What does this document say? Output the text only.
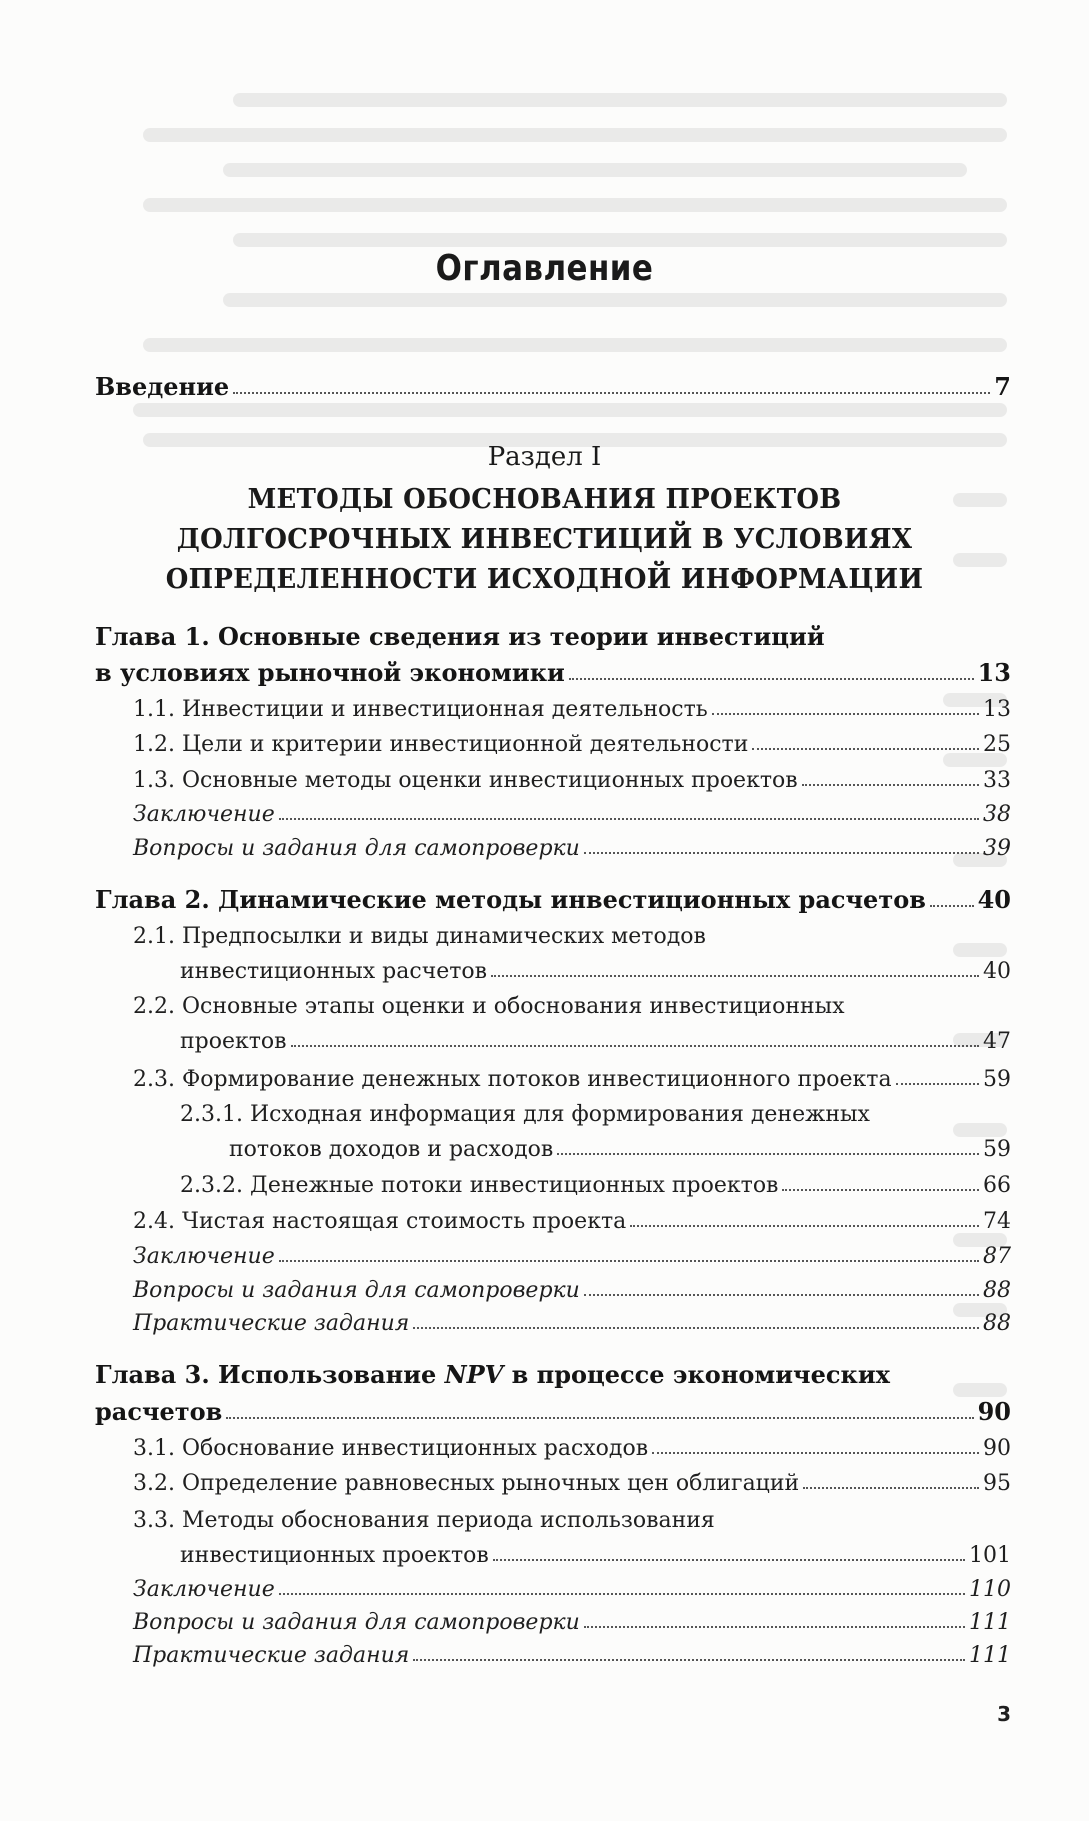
Оглавление
Введение	7
Раздел I
МЕТОДЫ ОБОСНОВАНИЯ ПРОЕКТОВ
ДОЛГОСРОЧНЫХ ИНВЕСТИЦИЙ В УСЛОВИЯХ
ОПРЕДЕЛЕННОСТИ ИСХОДНОЙ ИНФОРМАЦИИ
Глава 1. Основные сведения из теории инвестиций
в условиях рыночной экономики	13
1.1. Инвестиции и инвестиционная деятельность	13
1.2. Цели и критерии инвестиционной деятельности	25
1.3. Основные методы оценки инвестиционных проектов	33
Заключение	38
Вопросы и задания для самопроверки	39
Глава 2. Динамические методы инвестиционных расчетов 40
2.1. Предпосылки и виды динамических методов
инвестиционных расчетов	40
2.2. Основные этапы оценки и обоснования инвестиционных
проектов	47
2.3. Формирование денежных потоков инвестиционного проекта	59
2.3.1. Исходная информация для формирования денежных
потоков доходов и расходов	59
2.3.2. Денежные потоки инвестиционных проектов	66
2.4. Чистая настоящая стоимость проекта	74
Заключение	87
Вопросы и задания для самопроверки	88
Практические задания	88
Глава 3. Использование NPV в процессе экономических
расчетов	90
3.1. Обоснование инвестиционных расходов	90
3.2. Определение равновесных рыночных цен облигаций	95
3.3. Методы обоснования периода использования
инвестиционных проектов	101
Заключение	110
Вопросы и задания для самопроверки	111
Практические задания	111
3
